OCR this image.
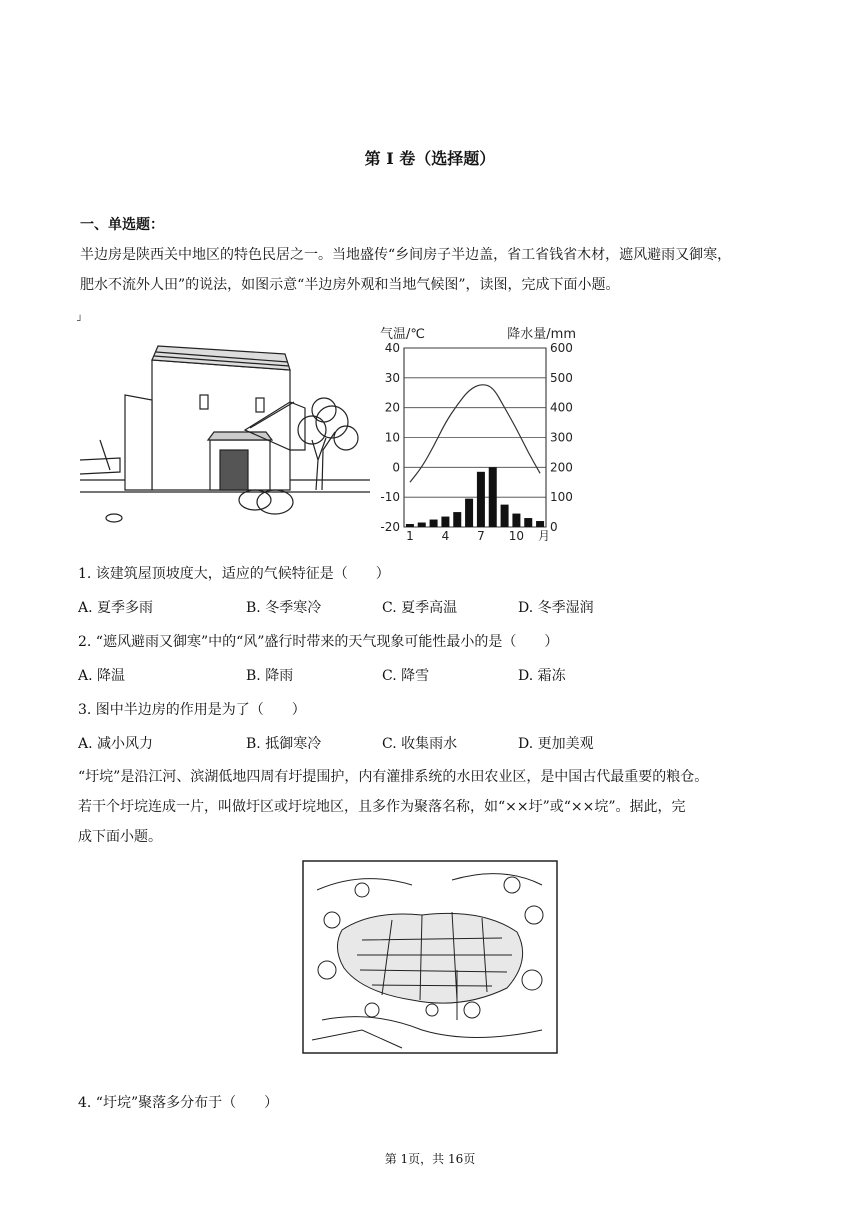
第 I 卷（选择题）
一、单选题：
半边房是陕西关中地区的特色民居之一。当地盛传“乡间房子半边盖，省工省钱省木材，遮风避雨又御寒，
肥水不流外人田”的说法，如图示意“半边房外观和当地气候图”，读图，完成下面小题。
┘
气温/℃	降水量/mm
40
30
20
10
0
-10
-20
600
500
400
300
200
100
0
1 4 7 10 月
1. 该建筑屋顶坡度大，适应的气候特征是（　　）
A. 夏季多雨	B. 冬季寒冷	C. 夏季高温	D. 冬季湿润
2. “遮风避雨又御寒”中的“风”盛行时带来的天气现象可能性最小的是（　　）
A. 降温	B. 降雨	C. 降雪	D. 霜冻
3. 图中半边房的作用是为了（　　）
A. 减小风力	B. 抵御寒冷	C. 收集雨水	D. 更加美观
“圩垸”是沿江河、滨湖低地四周有圩提围护，内有灌排系统的水田农业区，是中国古代最重要的粮仓。
若干个圩垸连成一片，叫做圩区或圩垸地区，且多作为聚落名称，如“××圩”或“××垸”。据此，完
成下面小题。
4. “圩垸”聚落多分布于（　　）
第 1页，共 16页
